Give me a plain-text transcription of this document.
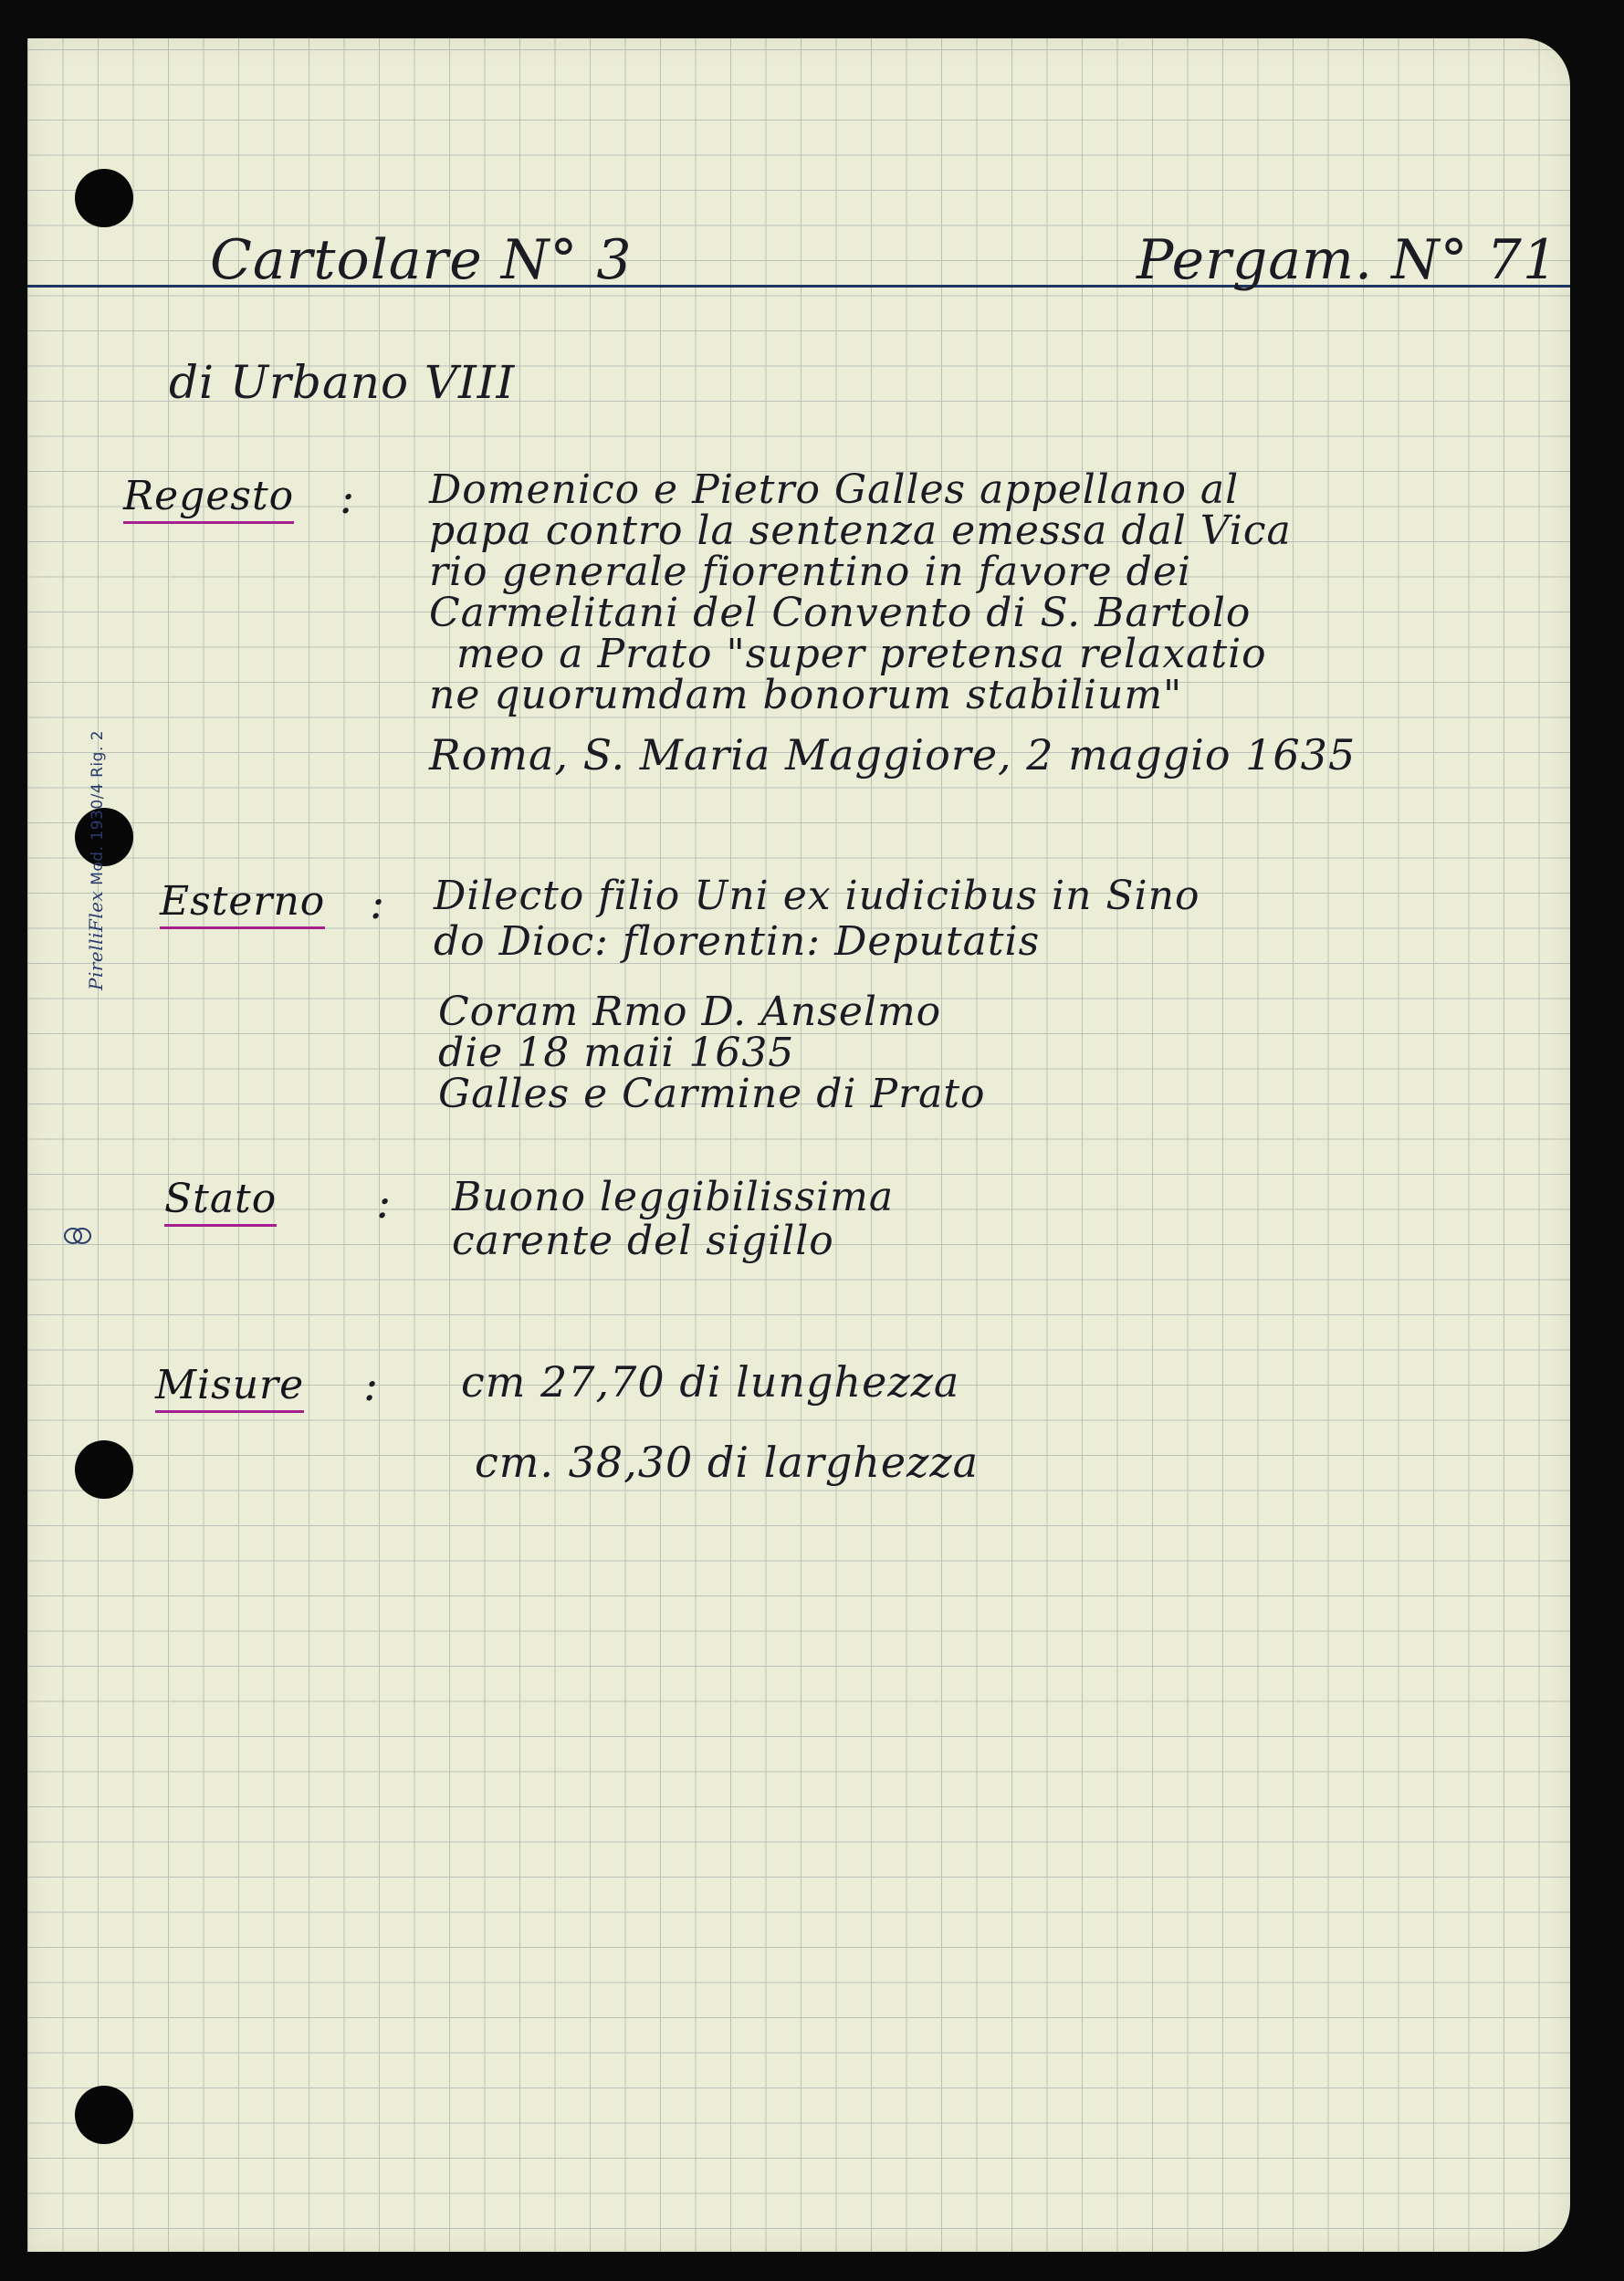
Cartolare N° 3	Pergam. N° 71
di Urbano VIII
Regesto : Domenico e Pietro Galles appellano al
papa contro la sentenza emessa dal Vica
rio generale fiorentino in favore dei
Carmelitani del Convento di S. Bartolo
meo a Prato "super pretensa relaxatio
ne quorumdam bonorum stabilium"
Roma, S. Maria Maggiore, 2 maggio 1635
Esterno : Dilecto filio Uni ex iudicibus in Sino
do Dioc: florentin: Deputatis
Coram Rmo D. Anselmo
die 18 maii 1635
Galles e Carmine di Prato
Stato : Buono leggibilissima
carente del sigillo
Misure : cm 27,70 di lunghezza
cm. 38,30 di larghezza
PirelliFlex Mod. 1930/4 Rig. 2
